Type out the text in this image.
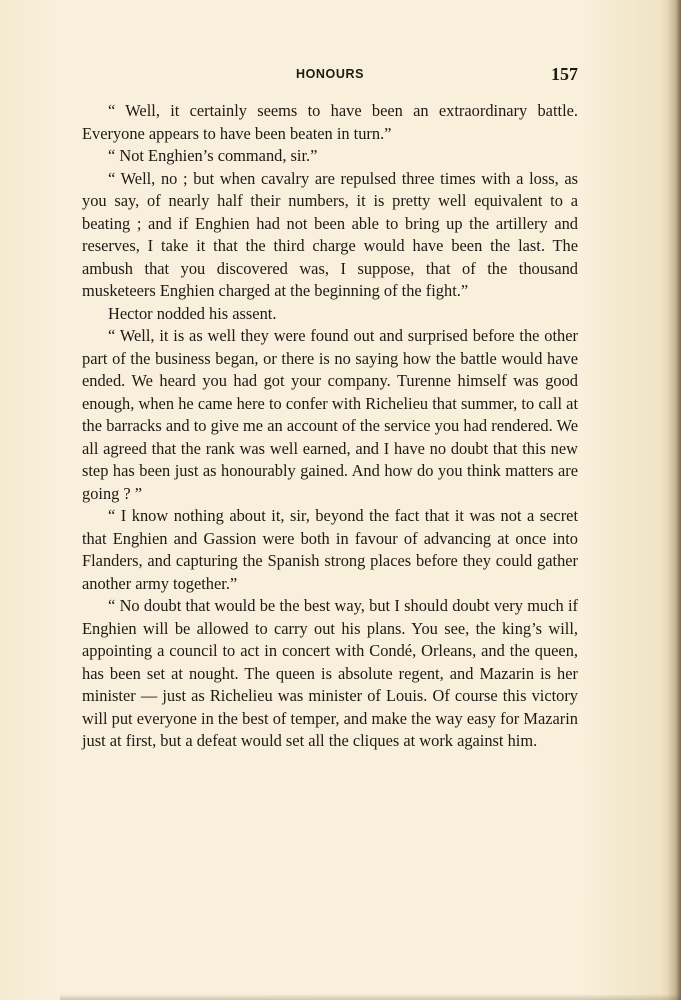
HONOURS	157

“ Well, it certainly seems to have been an extraordinary battle. Everyone appears to have been beaten in turn.”

“ Not Enghien’s command, sir.”

“ Well, no ; but when cavalry are repulsed three times with a loss, as you say, of nearly half their numbers, it is pretty well equivalent to a beating ; and if Enghien had not been able to bring up the artillery and reserves, I take it that the third charge would have been the last. The ambush that you discovered was, I suppose, that of the thousand musketeers Enghien charged at the beginning of the fight.”

Hector nodded his assent.

“ Well, it is as well they were found out and surprised before the other part of the business began, or there is no saying how the battle would have ended. We heard you had got your company. Turenne himself was good enough, when he came here to confer with Richelieu that summer, to call at the barracks and to give me an account of the service you had rendered. We all agreed that the rank was well earned, and I have no doubt that this new step has been just as honourably gained. And how do you think matters are going ? ”

“ I know nothing about it, sir, beyond the fact that it was not a secret that Enghien and Gassion were both in favour of advancing at once into Flanders, and capturing the Spanish strong places before they could gather another army together.”

“ No doubt that would be the best way, but I should doubt very much if Enghien will be allowed to carry out his plans. You see, the king’s will, appointing a council to act in concert with Condé, Orleans, and the queen, has been set at nought. The queen is absolute regent, and Mazarin is her minister — just as Richelieu was minister of Louis. Of course this victory will put everyone in the best of temper, and make the way easy for Mazarin just at first, but a defeat would set all the cliques at work against him.
